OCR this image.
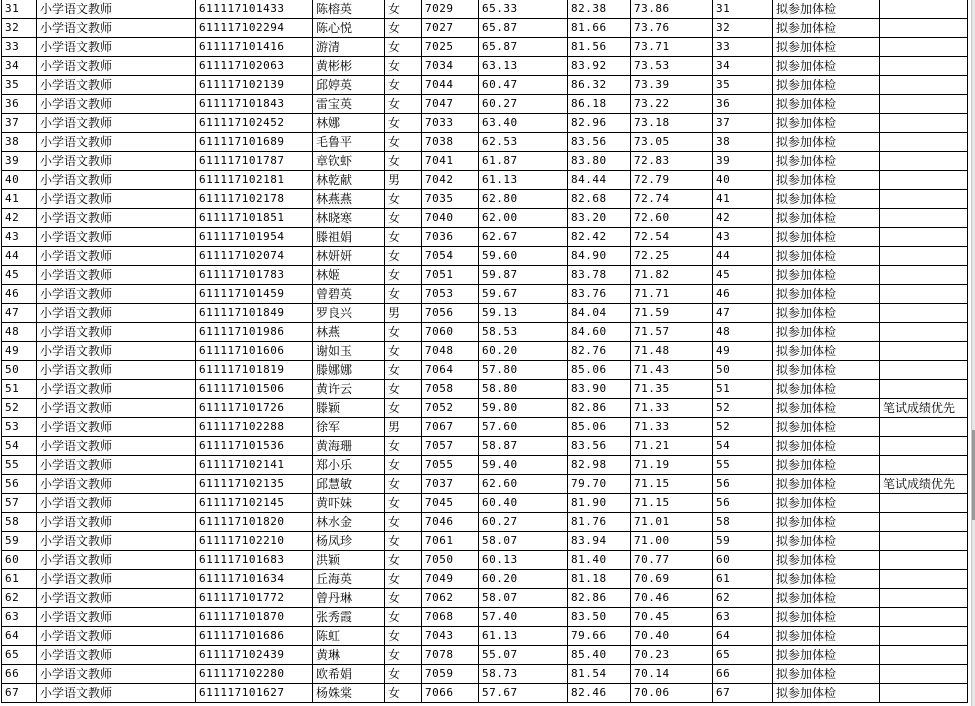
31	小学语文教师	611117101433	陈榕英	女	7029	65.33	82.38	73.86	31	拟参加体检	
32	小学语文教师	611117102294	陈心悦	女	7027	65.87	81.66	73.76	32	拟参加体检	
33	小学语文教师	611117101416	游清	女	7025	65.87	81.56	73.71	33	拟参加体检	
34	小学语文教师	611117102063	黄彬彬	女	7034	63.13	83.92	73.53	34	拟参加体检	
35	小学语文教师	611117102139	邱婷英	女	7044	60.47	86.32	73.39	35	拟参加体检	
36	小学语文教师	611117101843	雷宝英	女	7047	60.27	86.18	73.22	36	拟参加体检	
37	小学语文教师	611117102452	林娜	女	7033	63.40	82.96	73.18	37	拟参加体检	
38	小学语文教师	611117101689	毛鲁平	女	7038	62.53	83.56	73.05	38	拟参加体检	
39	小学语文教师	611117101787	章钦虾	女	7041	61.87	83.80	72.83	39	拟参加体检	
40	小学语文教师	611117102181	林乾献	男	7042	61.13	84.44	72.79	40	拟参加体检	
41	小学语文教师	611117102178	林燕燕	女	7035	62.80	82.68	72.74	41	拟参加体检	
42	小学语文教师	611117101851	林晓寒	女	7040	62.00	83.20	72.60	42	拟参加体检	
43	小学语文教师	611117101954	滕祖娟	女	7036	62.67	82.42	72.54	43	拟参加体检	
44	小学语文教师	611117102074	林妍妍	女	7054	59.60	84.90	72.25	44	拟参加体检	
45	小学语文教师	611117101783	林姬	女	7051	59.87	83.78	71.82	45	拟参加体检	
46	小学语文教师	611117101459	曾碧英	女	7053	59.67	83.76	71.71	46	拟参加体检	
47	小学语文教师	611117101849	罗良兴	男	7056	59.13	84.04	71.59	47	拟参加体检	
48	小学语文教师	611117101986	林燕	女	7060	58.53	84.60	71.57	48	拟参加体检	
49	小学语文教师	611117101606	谢如玉	女	7048	60.20	82.76	71.48	49	拟参加体检	
50	小学语文教师	611117101819	滕娜娜	女	7064	57.80	85.06	71.43	50	拟参加体检	
51	小学语文教师	611117101506	黄许云	女	7058	58.80	83.90	71.35	51	拟参加体检	
52	小学语文教师	611117101726	滕颖	女	7052	59.80	82.86	71.33	52	拟参加体检	笔试成绩优先
53	小学语文教师	611117102288	徐军	男	7067	57.60	85.06	71.33	52	拟参加体检	
54	小学语文教师	611117101536	黄海珊	女	7057	58.87	83.56	71.21	54	拟参加体检	
55	小学语文教师	611117102141	郑小乐	女	7055	59.40	82.98	71.19	55	拟参加体检	
56	小学语文教师	611117102135	邱慧敏	女	7037	62.60	79.70	71.15	56	拟参加体检	笔试成绩优先
57	小学语文教师	611117102145	黄吓妹	女	7045	60.40	81.90	71.15	56	拟参加体检	
58	小学语文教师	611117101820	林水金	女	7046	60.27	81.76	71.01	58	拟参加体检	
59	小学语文教师	611117102210	杨凤珍	女	7061	58.07	83.94	71.00	59	拟参加体检	
60	小学语文教师	611117101683	洪颖	女	7050	60.13	81.40	70.77	60	拟参加体检	
61	小学语文教师	611117101634	丘海英	女	7049	60.20	81.18	70.69	61	拟参加体检	
62	小学语文教师	611117101772	曾丹琳	女	7062	58.07	82.86	70.46	62	拟参加体检	
63	小学语文教师	611117101870	张秀霞	女	7068	57.40	83.50	70.45	63	拟参加体检	
64	小学语文教师	611117101686	陈虹	女	7043	61.13	79.66	70.40	64	拟参加体检	
65	小学语文教师	611117102439	黄琳	女	7078	55.07	85.40	70.23	65	拟参加体检	
66	小学语文教师	611117102280	欧希娟	女	7059	58.73	81.54	70.14	66	拟参加体检	
67	小学语文教师	611117101627	杨姝棠	女	7066	57.67	82.46	70.06	67	拟参加体检	
